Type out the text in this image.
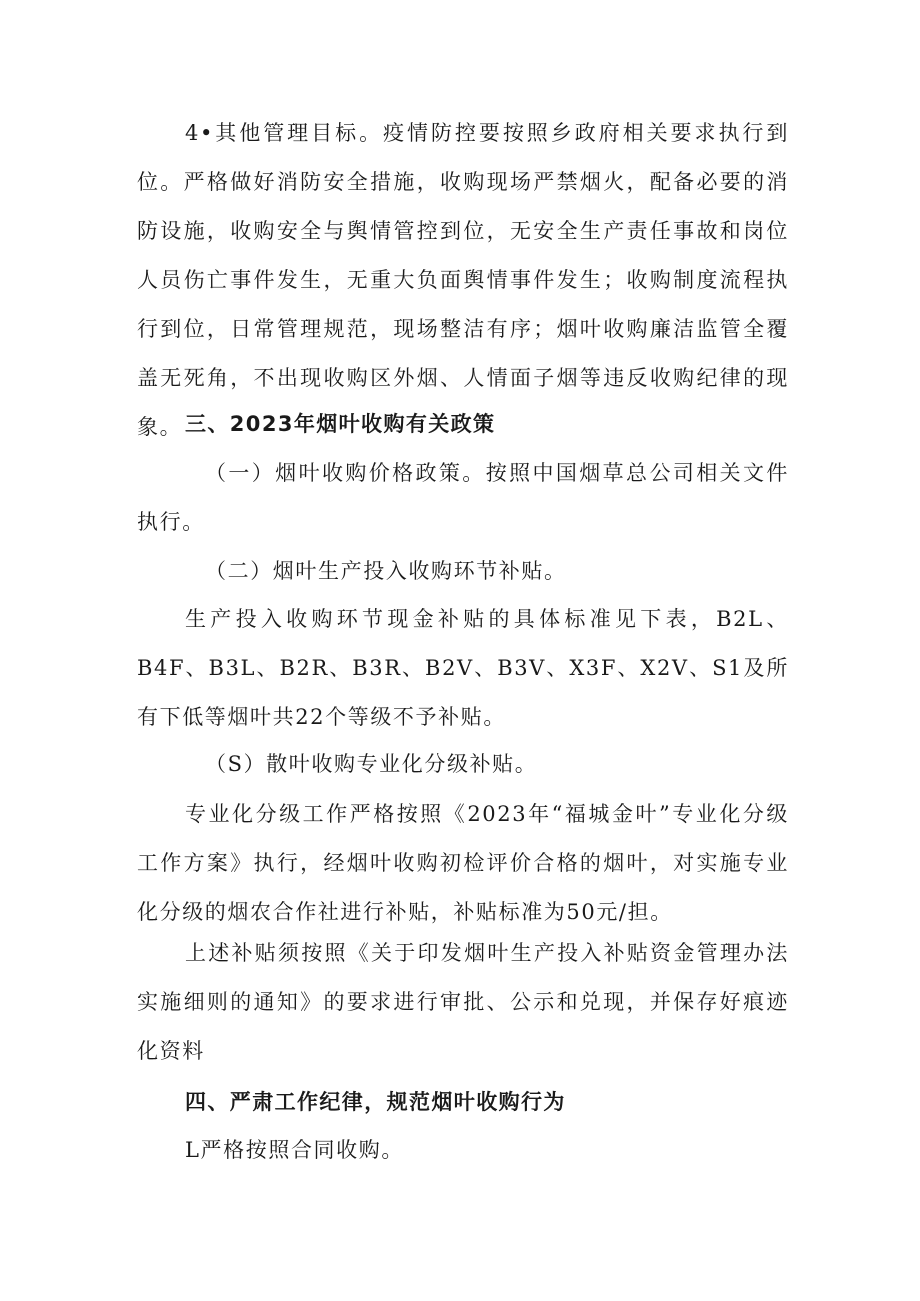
4•其他管理目标。疫情防控要按照乡政府相关要求执行到位。严格做好消防安全措施，收购现场严禁烟火，配备必要的消防设施，收购安全与舆情管控到位，无安全生产责任事故和岗位人员伤亡事件发生，无重大负面舆情事件发生；收购制度流程执行到位，日常管理规范，现场整洁有序；烟叶收购廉洁监管全覆盖无死角，不出现收购区外烟、人情面子烟等违反收购纪律的现象。 三、2023年烟叶收购有关政策

（一）烟叶收购价格政策。按照中国烟草总公司相关文件执行。

（二）烟叶生产投入收购环节补贴。

生产投入收购环节现金补贴的具体标准见下表，B2L、B4F、B3L、B2R、B3R、B2V、B3V、X3F、X2V、S1及所有下低等烟叶共22个等级不予补贴。

（S）散叶收购专业化分级补贴。

专业化分级工作严格按照《2023年“福城金叶”专业化分级工作方案》执行，经烟叶收购初检评价合格的烟叶，对实施专业化分级的烟农合作社进行补贴，补贴标准为50元/担。

上述补贴须按照《关于印发烟叶生产投入补贴资金管理办法实施细则的通知》的要求进行审批、公示和兑现，并保存好痕迹化资料

四、严肃工作纪律，规范烟叶收购行为

L严格按照合同收购。
